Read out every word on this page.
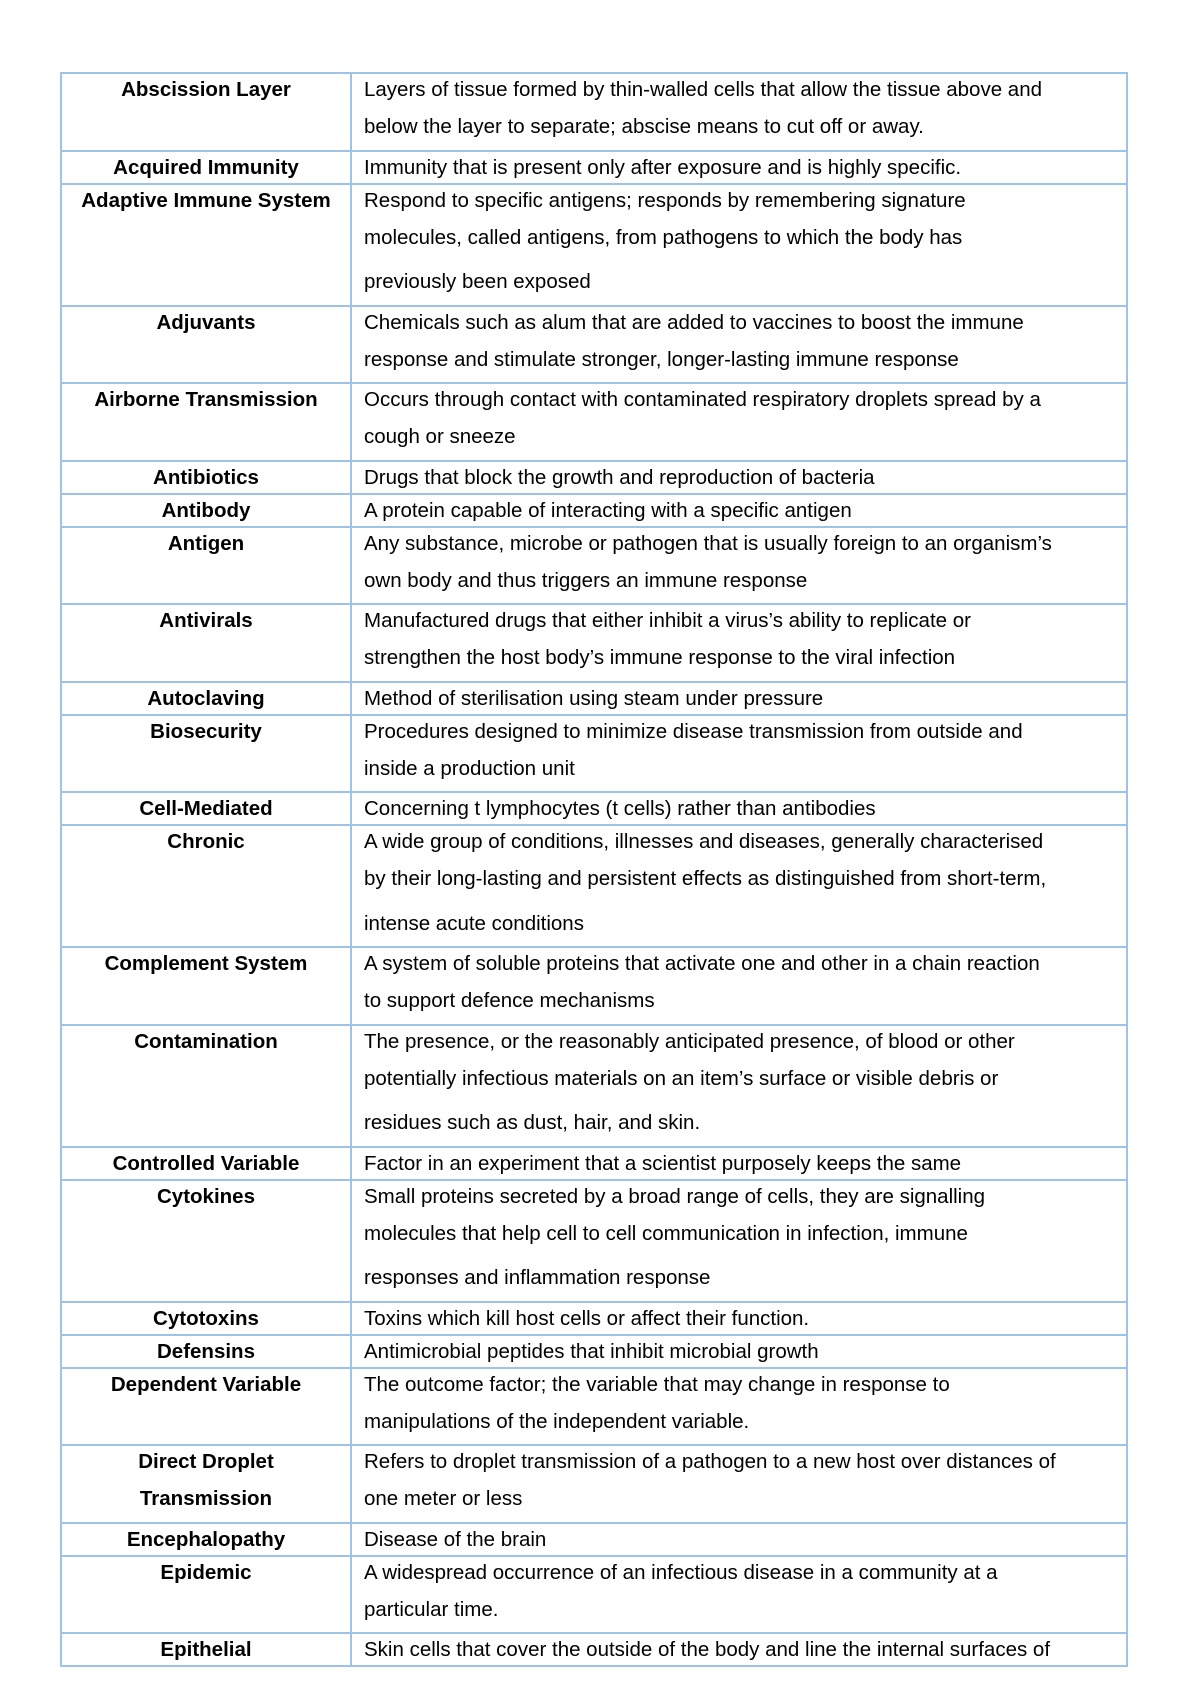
Abscission Layer	Layers of tissue formed by thin-walled cells that allow the tissue above and
below the layer to separate; abscise means to cut off or away.

Acquired Immunity	Immunity that is present only after exposure and is highly specific.

Adaptive Immune System	Respond to specific antigens; responds by remembering signature
molecules, called antigens, from pathogens to which the body has
previously been exposed

Adjuvants	Chemicals such as alum that are added to vaccines to boost the immune
response and stimulate stronger, longer-lasting immune response

Airborne Transmission	Occurs through contact with contaminated respiratory droplets spread by a
cough or sneeze

Antibiotics	Drugs that block the growth and reproduction of bacteria

Antibody	A protein capable of interacting with a specific antigen

Antigen	Any substance, microbe or pathogen that is usually foreign to an organism’s
own body and thus triggers an immune response

Antivirals	Manufactured drugs that either inhibit a virus’s ability to replicate or
strengthen the host body’s immune response to the viral infection

Autoclaving	Method of sterilisation using steam under pressure

Biosecurity	Procedures designed to minimize disease transmission from outside and
inside a production unit

Cell-Mediated	Concerning t lymphocytes (t cells) rather than antibodies

Chronic	A wide group of conditions, illnesses and diseases, generally characterised
by their long-lasting and persistent effects as distinguished from short-term,
intense acute conditions

Complement System	A system of soluble proteins that activate one and other in a chain reaction
to support defence mechanisms

Contamination	The presence, or the reasonably anticipated presence, of blood or other
potentially infectious materials on an item’s surface or visible debris or
residues such as dust, hair, and skin.

Controlled Variable	Factor in an experiment that a scientist purposely keeps the same

Cytokines	Small proteins secreted by a broad range of cells, they are signalling
molecules that help cell to cell communication in infection, immune
responses and inflammation response

Cytotoxins	Toxins which kill host cells or affect their function.

Defensins	Antimicrobial peptides that inhibit microbial growth

Dependent Variable	The outcome factor; the variable that may change in response to
manipulations of the independent variable.

Direct Droplet
Transmission	Refers to droplet transmission of a pathogen to a new host over distances of
one meter or less

Encephalopathy	Disease of the brain

Epidemic	A widespread occurrence of an infectious disease in a community at a
particular time.

Epithelial	Skin cells that cover the outside of the body and line the internal surfaces of
